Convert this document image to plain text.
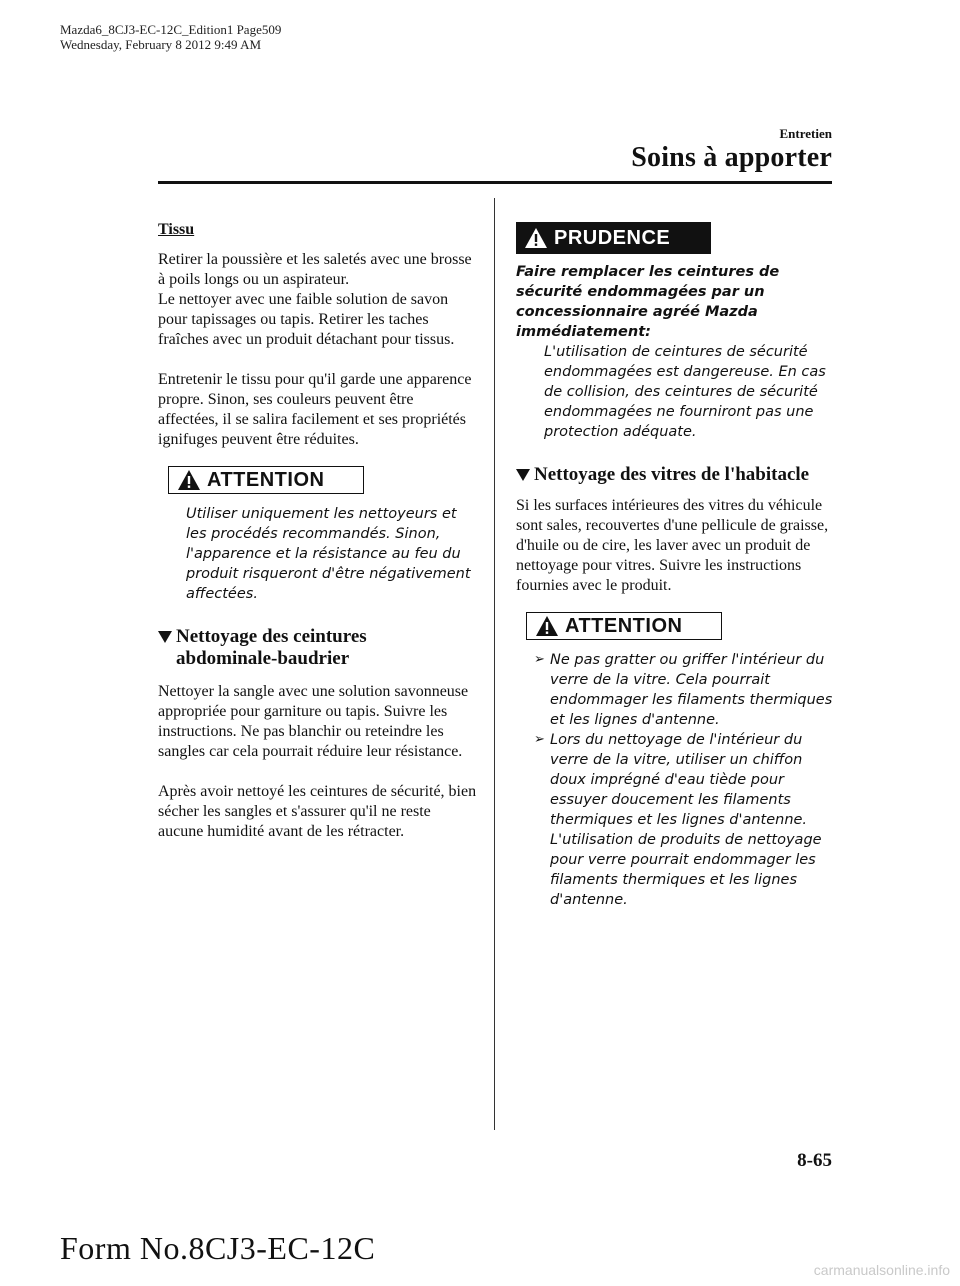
Mazda6_8CJ3-EC-12C_Edition1 Page509
Wednesday, February 8 2012 9:49 AM
Entretien
Soins à apporter
Tissu
Retirer la poussière et les saletés avec une brosse à poils longs ou un aspirateur.
Le nettoyer avec une faible solution de savon pour tapissages ou tapis. Retirer les taches fraîches avec un produit détachant pour tissus.
Entretenir le tissu pour qu'il garde une apparence propre. Sinon, ses couleurs peuvent être affectées, il se salira facilement et ses propriétés ignifuges peuvent être réduites.
ATTENTION
Utiliser uniquement les nettoyeurs et les procédés recommandés. Sinon, l'apparence et la résistance au feu du produit risqueront d'être négativement affectées.
Nettoyage des ceintures
abdominale-baudrier
Nettoyer la sangle avec une solution savonneuse appropriée pour garniture ou tapis. Suivre les instructions. Ne pas blanchir ou reteindre les sangles car cela pourrait réduire leur résistance.
Après avoir nettoyé les ceintures de sécurité, bien sécher les sangles et s'assurer qu'il ne reste aucune humidité avant de les rétracter.
PRUDENCE
Faire remplacer les ceintures de sécurité endommagées par un concessionnaire agréé Mazda immédiatement:
L'utilisation de ceintures de sécurité endommagées est dangereuse. En cas de collision, des ceintures de sécurité endommagées ne fourniront pas une protection adéquate.
Nettoyage des vitres de l'habitacle
Si les surfaces intérieures des vitres du véhicule sont sales, recouvertes d'une pellicule de graisse, d'huile ou de cire, les laver avec un produit de nettoyage pour vitres. Suivre les instructions fournies avec le produit.
ATTENTION
➢ Ne pas gratter ou griffer l'intérieur du verre de la vitre. Cela pourrait endommager les filaments thermiques et les lignes d'antenne.
➢ Lors du nettoyage de l'intérieur du verre de la vitre, utiliser un chiffon doux imprégné d'eau tiède pour essuyer doucement les filaments thermiques et les lignes d'antenne. L'utilisation de produits de nettoyage pour verre pourrait endommager les filaments thermiques et les lignes d'antenne.
8-65
Form No.8CJ3-EC-12C
carmanualsonline.info
